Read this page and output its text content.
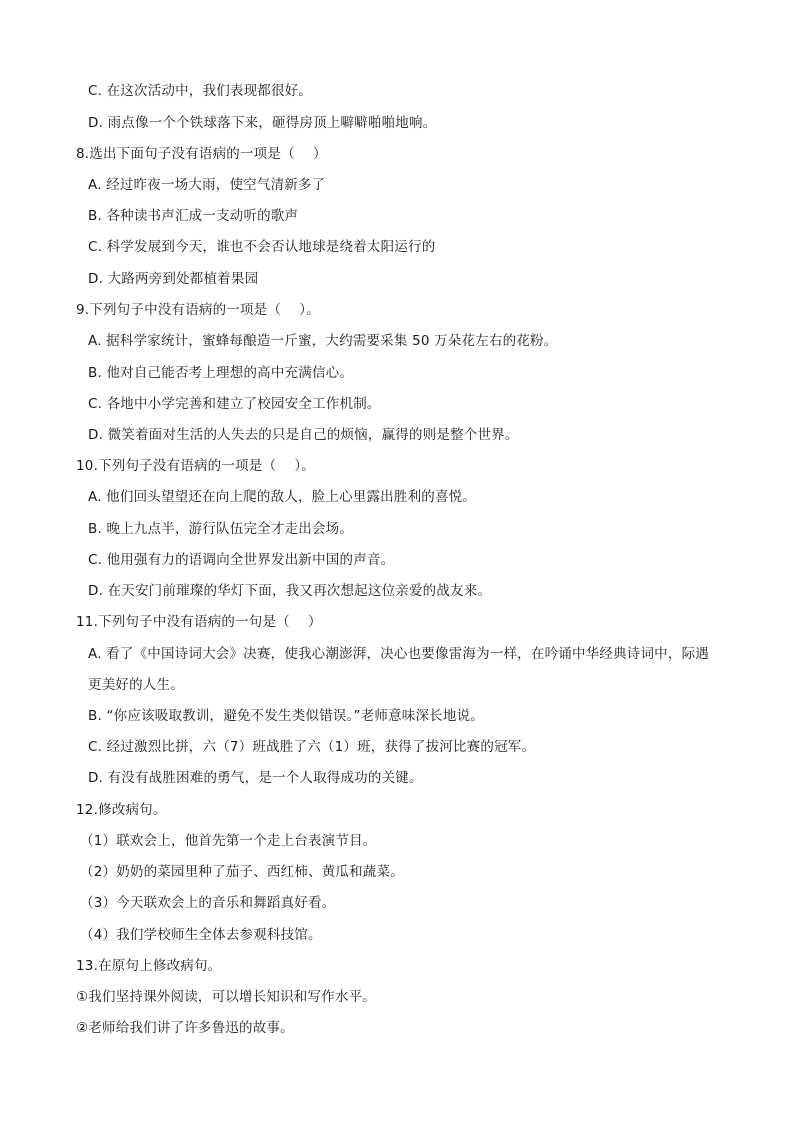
C. 在这次活动中，我们表现都很好。
D. 雨点像一个个铁球落下来，砸得房顶上噼噼啪啪地响。
8.选出下面句子没有语病的一项是（　 ）
A. 经过昨夜一场大雨，使空气清新多了
B. 各种读书声汇成一支动听的歌声
C. 科学发展到今天，谁也不会否认地球是绕着太阳运行的
D. 大路两旁到处都植着果园
9.下列句子中没有语病的一项是（　 ）。
A. 据科学家统计，蜜蜂每酿造一斤蜜，大约需要采集 50 万朵花左右的花粉。
B. 他对自己能否考上理想的高中充满信心。
C. 各地中小学完善和建立了校园安全工作机制。
D. 微笑着面对生活的人失去的只是自己的烦恼，赢得的则是整个世界。
10.下列句子没有语病的一项是（　 ）。
A. 他们回头望望还在向上爬的敌人，脸上心里露出胜利的喜悦。
B. 晚上九点半，游行队伍完全才走出会场。
C. 他用强有力的语调向全世界发出新中国的声音。
D. 在天安门前璀璨的华灯下面，我又再次想起这位亲爱的战友来。
11.下列句子中没有语病的一句是（　 ）
A. 看了《中国诗词大会》决赛，使我心潮澎湃，决心也要像雷海为一样，在吟诵中华经典诗词中，际遇
更美好的人生。
B. “你应该吸取教训，避免不发生类似错误。”老师意味深长地说。
C. 经过激烈比拼，六（7）班战胜了六（1）班，获得了拔河比赛的冠军。
D. 有没有战胜困难的勇气，是一个人取得成功的关键。
12.修改病句。
（1）联欢会上，他首先第一个走上台表演节目。
（2）奶奶的菜园里种了茄子、西红柿、黄瓜和蔬菜。
（3）今天联欢会上的音乐和舞蹈真好看。
（4）我们学校师生全体去参观科技馆。
13.在原句上修改病句。
①我们坚持课外阅读，可以增长知识和写作水平。
②老师给我们讲了许多鲁迅的故事。
